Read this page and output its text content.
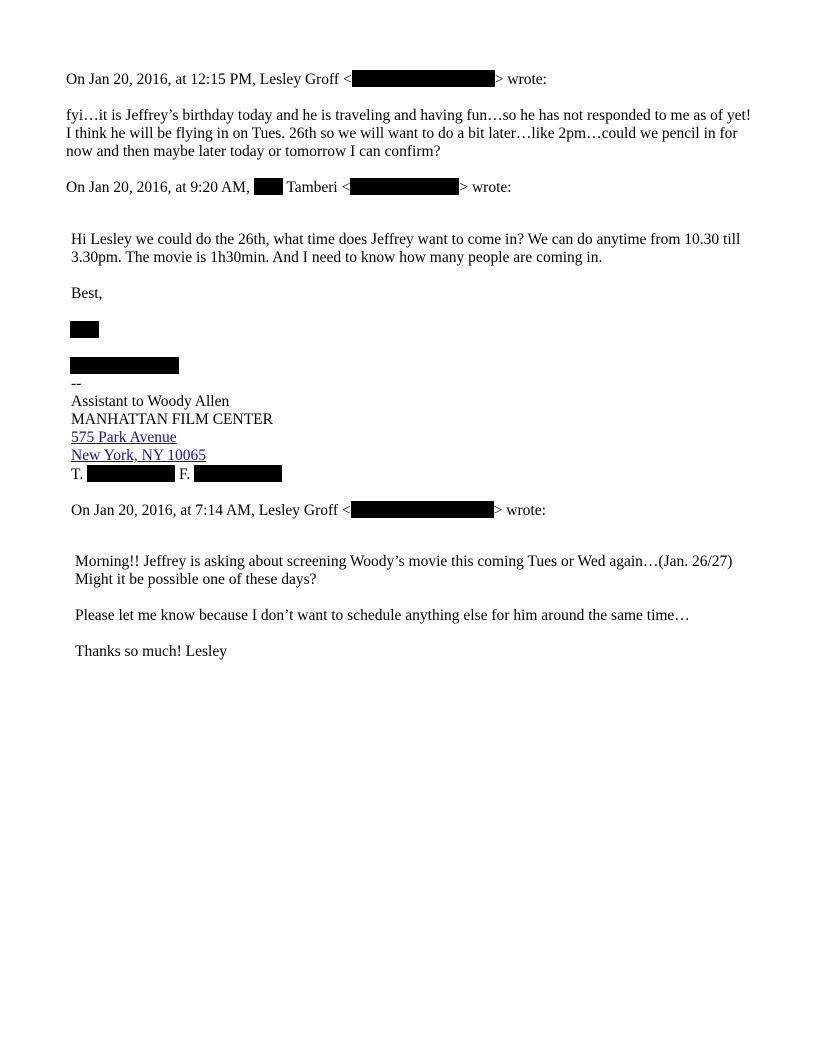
On Jan 20, 2016, at 12:15 PM, Lesley Groff <	> wrote:
fyi…it is Jeffrey’s birthday today and he is traveling and having fun…so he has not responded to me as of yet! I think he will be flying in on Tues. 26th so we will want to do a bit later…like 2pm…could we pencil in for now and then maybe later today or tomorrow I can confirm?
On Jan 20, 2016, at 9:20 AM,  Tamberi <	> wrote:
Hi Lesley we could do the 26th, what time does Jeffrey want to come in? We can do anytime from 10.30 till 3.30pm. The movie is 1h30min. And I need to know how many people are coming in.
Best,
--
Assistant to Woody Allen
MANHATTAN FILM CENTER
575 Park Avenue
New York, NY 10065
T.	F.
On Jan 20, 2016, at 7:14 AM, Lesley Groff <	> wrote:
Morning!! Jeffrey is asking about screening Woody’s movie this coming Tues or Wed again…(Jan. 26/27) Might it be possible one of these days?
Please let me know because I don’t want to schedule anything else for him around the same time…
Thanks so much! Lesley
